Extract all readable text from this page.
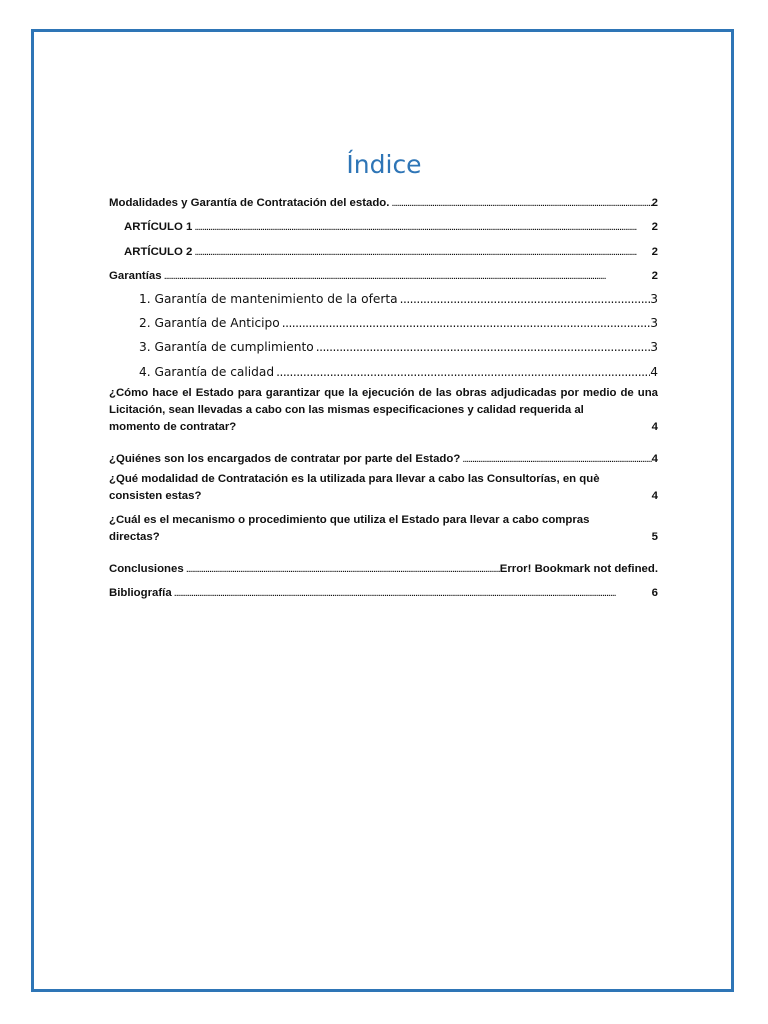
Índice
Modalidades y Garantía de Contratación del estado. . . .	2
ARTÍCULO 1 . . .	2
ARTÍCULO 2 . . .	2
Garantías . . .	2
1. Garantía de mantenimiento de la oferta . . .	3
2. Garantía de Anticipo . . .	3
3. Garantía de cumplimiento . . .	3
4. Garantía de calidad . . .	4
¿Cómo hace el Estado para garantizar que la ejecución de las obras adjudicadas por medio de una Licitación, sean llevadas a cabo con las mismas especificaciones y calidad requerida al
momento de contratar?	4
¿Quiénes son los encargados de contratar por parte del Estado? . . .	4
¿Qué modalidad de Contratación es la utilizada para llevar a cabo las Consultorías, en què
consisten estas?	4
¿Cuál es el mecanismo o procedimiento que utiliza el Estado para llevar a cabo compras
directas?	5
Conclusiones . . .	Error! Bookmark not defined.
Bibliografía . . .	6
